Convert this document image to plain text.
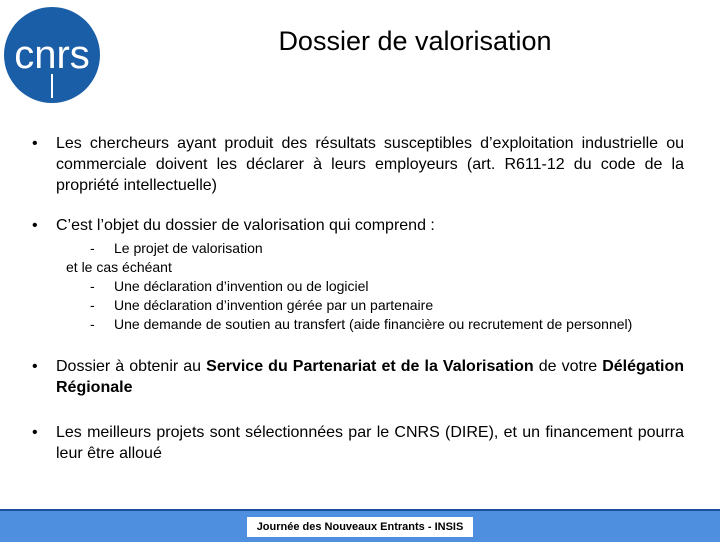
cnrs	Dossier de valorisation
• Les chercheurs ayant produit des résultats susceptibles d’exploitation industrielle ou commerciale doivent les déclarer à leurs employeurs (art. R611-12 du code de la propriété intellectuelle)
• C’est l’objet du dossier de valorisation qui comprend :
- Le projet de valorisation
et le cas échéant
- Une déclaration d’invention ou de logiciel
- Une déclaration d’invention gérée par un partenaire
- Une demande de soutien au transfert (aide financière ou recrutement de personnel)
• Dossier à obtenir au Service du Partenariat et de la Valorisation de votre Délégation Régionale
• Les meilleurs projets sont sélectionnées par le CNRS (DIRE), et un financement pourra leur être alloué
Journée des Nouveaux Entrants - INSIS
